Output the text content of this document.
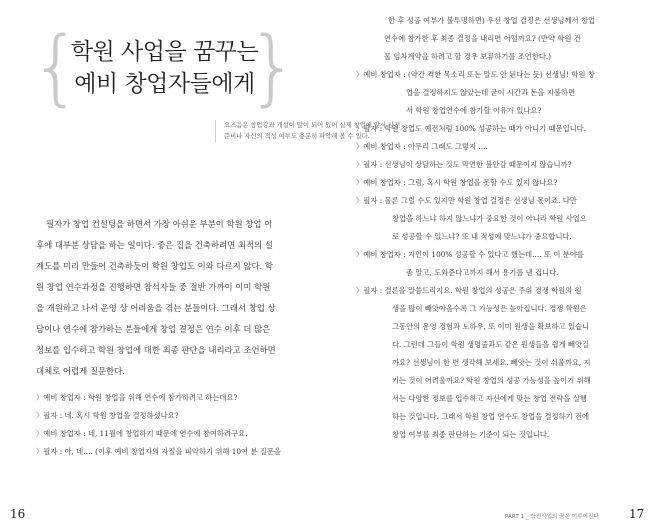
{ }
학원 사업을 꿈꾸는
예비 창업자들에게
요즈음은 창업강좌 개설이 많이 되어 있어 실제 창업에 앞서 사전
준비나 자신의 적성 여부도 충분히 파악해 볼 수 있다.
필자가 창업 컨설팅을 하면서 가장 아쉬운 부분이 학원 창업 이
후에 대부분 상담을 하는 일이다. 좋은 집을 건축하려면 최적의 설
계도를 미리 만들어 건축하듯이 학원 창업도 이와 다르지 않다. 학
원 창업 연수과정을 진행하면 참석자들 중 절반 가까이 이미 학원
을 개원하고 나서 운영 상 어려움을 겪는 분들이다. 그래서 창업 상
담이나 연수에 참가하는 분들에게 창업 결정은 연수 이후 더 많은
정보를 입수하고 학원 창업에 대한 최종 판단을 내리라고 조언하면
대체로 어렵게 질문한다.
〉예비 창업자 : 학원 창업을 위해 연수에 참가하려고 하는데요?
〉필자 : 네. 혹시 학원 창업을 결정하셨나요?
〉예비 창업자 : 네, 11월에 창업하기 때문에 연수에 참여하려구요.
〉필자 : 아, 네…. (이후 예비 창업자의 자질을 파악하기 위해 10여 분 질문을
16
한 후 성공 여부가 불투명하면) 우선 창업 결정은 선생님께서 창업
연수에 참가한 후 최종 결정을 내리면 어떨까요? (만약 학원 건
물 임차계약을 하려고 할 경우 보류하기를 조언한다.)
〉예비 창업자 : (약간 격한 목소리 또는 말도 안 된다는 듯) 선생님! 학원 창
업을 결정하지도 않았는데 굳이 시간과 돈을 지불하면
서 학원 창업연수에 참가할 이유가 있나요?
〉필자 : 학원 창업도 예전처럼 100% 성공하는 때가 아니기 때문입니다.
〉예비 창업자 : 아무리 그래도 그렇지 ….
〉필자 : 선생님이 상담하는 것도 막연한 불안감 때문이지 않습니까?
〉예비 창업자 : 그럼, 혹시 학원 창업을 못할 수도 있지 않나요?
〉필자 : 물론 그럴 수도 있지만 학원 창업 결정은 선생님 몫이죠. 다만
창업을 하느냐 하지 않느냐가 중요한 것이 아니라 학원 사업으
로 성공할 수 있느냐? 또 내 적성에 맞느냐가 중요합니다.
〉예비 창업자 : 지인이 100% 성공할 수 있다고 했는데…. 또 이 분야를
좀 알고, 도와준다고까지 해서 용기를 낸 겁니다.
〉필자 : 결론을 말씀드리지요. 학원 창업의 성공은 주위 경쟁 학원의 원
생을 많이 빼앗아올수록 그 가능성은 높아집니다. 경쟁 학원은
그동안의 운영 경험과 노하우, 또 이미 원생을 확보하고 있습니
다. 그런데 그들이 학원 생명줄과도 같은 원생들을 쉽게 빼앗길
까요? 선생님이 한 번 생각해 보세요. 빼앗는 것이 쉬울까요, 지
키는 것이 어려울까요? 학원 창업의 성공 가능성을 높이기 위해
서는 다양한 정보를 입수하고 자신에게 맞는 창업 전략을 실행
하는 것입니다. 그래서 학원 창업 연수도 창업을 결정하기 전에
창업 여부를 최종 판단하는 기준이 되는 것입니다.
PART 1 _ 학원사업의 꿈은 이루어진다	17
